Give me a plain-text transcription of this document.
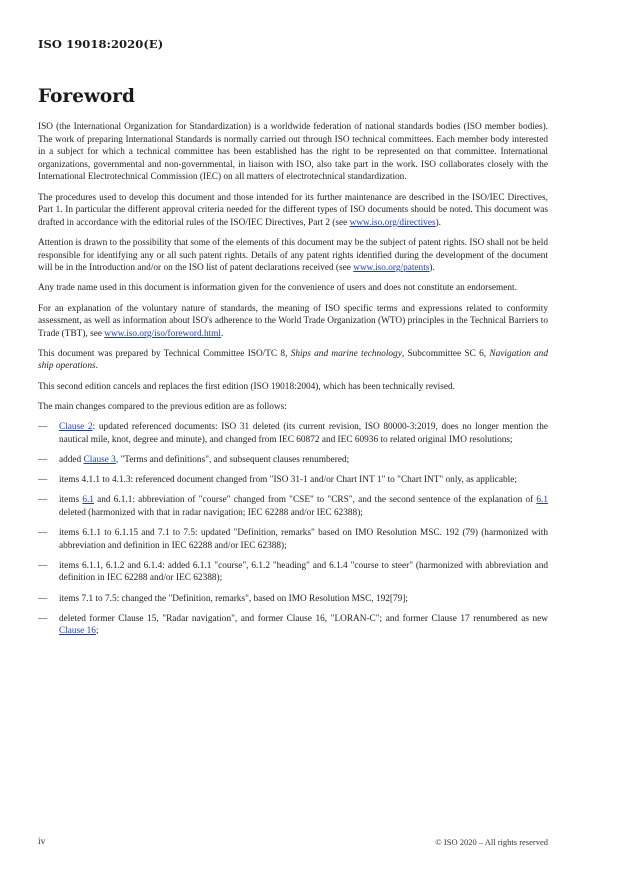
ISO 19018:2020(E)
Foreword

ISO (the International Organization for Standardization) is a worldwide federation of national standards bodies (ISO member bodies). The work of preparing International Standards is normally carried out through ISO technical committees. Each member body interested in a subject for which a technical committee has been established has the right to be represented on that committee. International organizations, governmental and non-governmental, in liaison with ISO, also take part in the work. ISO collaborates closely with the International Electrotechnical Commission (IEC) on all matters of electrotechnical standardization.

The procedures used to develop this document and those intended for its further maintenance are described in the ISO/IEC Directives, Part 1. In particular the different approval criteria needed for the different types of ISO documents should be noted. This document was drafted in accordance with the editorial rules of the ISO/IEC Directives, Part 2 (see www.iso.org/directives).

Attention is drawn to the possibility that some of the elements of this document may be the subject of patent rights. ISO shall not be held responsible for identifying any or all such patent rights. Details of any patent rights identified during the development of the document will be in the Introduction and/or on the ISO list of patent declarations received (see www.iso.org/patents).

Any trade name used in this document is information given for the convenience of users and does not constitute an endorsement.

For an explanation of the voluntary nature of standards, the meaning of ISO specific terms and expressions related to conformity assessment, as well as information about ISO's adherence to the World Trade Organization (WTO) principles in the Technical Barriers to Trade (TBT), see www.iso.org/iso/foreword.html.

This document was prepared by Technical Committee ISO/TC 8, Ships and marine technology, Subcommittee SC 6, Navigation and ship operations.

This second edition cancels and replaces the first edition (ISO 19018:2004), which has been technically revised.

The main changes compared to the previous edition are as follows:

— Clause 2: updated referenced documents: ISO 31 deleted (its current revision, ISO 80000-3:2019, does no longer mention the nautical mile, knot, degree and minute), and changed from IEC 60872 and IEC 60936 to related original IMO resolutions;
— added Clause 3, "Terms and definitions", and subsequent clauses renumbered;
— items 4.1.1 to 4.1.3: referenced document changed from "ISO 31-1 and/or Chart INT 1" to "Chart INT" only, as applicable;
— items 6.1 and 6.1.1: abbreviation of "course" changed from "CSE" to "CRS", and the second sentence of the explanation of 6.1 deleted (harmonized with that in radar navigation; IEC 62288 and/or IEC 62388);
— items 6.1.1 to 6.1.15 and 7.1 to 7.5: updated "Definition, remarks" based on IMO Resolution MSC. 192 (79) (harmonized with abbreviation and definition in IEC 62288 and/or IEC 62388);
— items 6.1.1, 6.1.2 and 6.1.4: added 6.1.1 "course", 6.1.2 "heading" and 6.1.4 "course to steer" (harmonized with abbreviation and definition in IEC 62288 and/or IEC 62388);
— items 7.1 to 7.5: changed the "Definition, remarks", based on IMO Resolution MSC, 192[79];
— deleted former Clause 15, "Radar navigation", and former Clause 16, "LORAN-C"; and former Clause 17 renumbered as new Clause 16;
iv	© ISO 2020 – All rights reserved
